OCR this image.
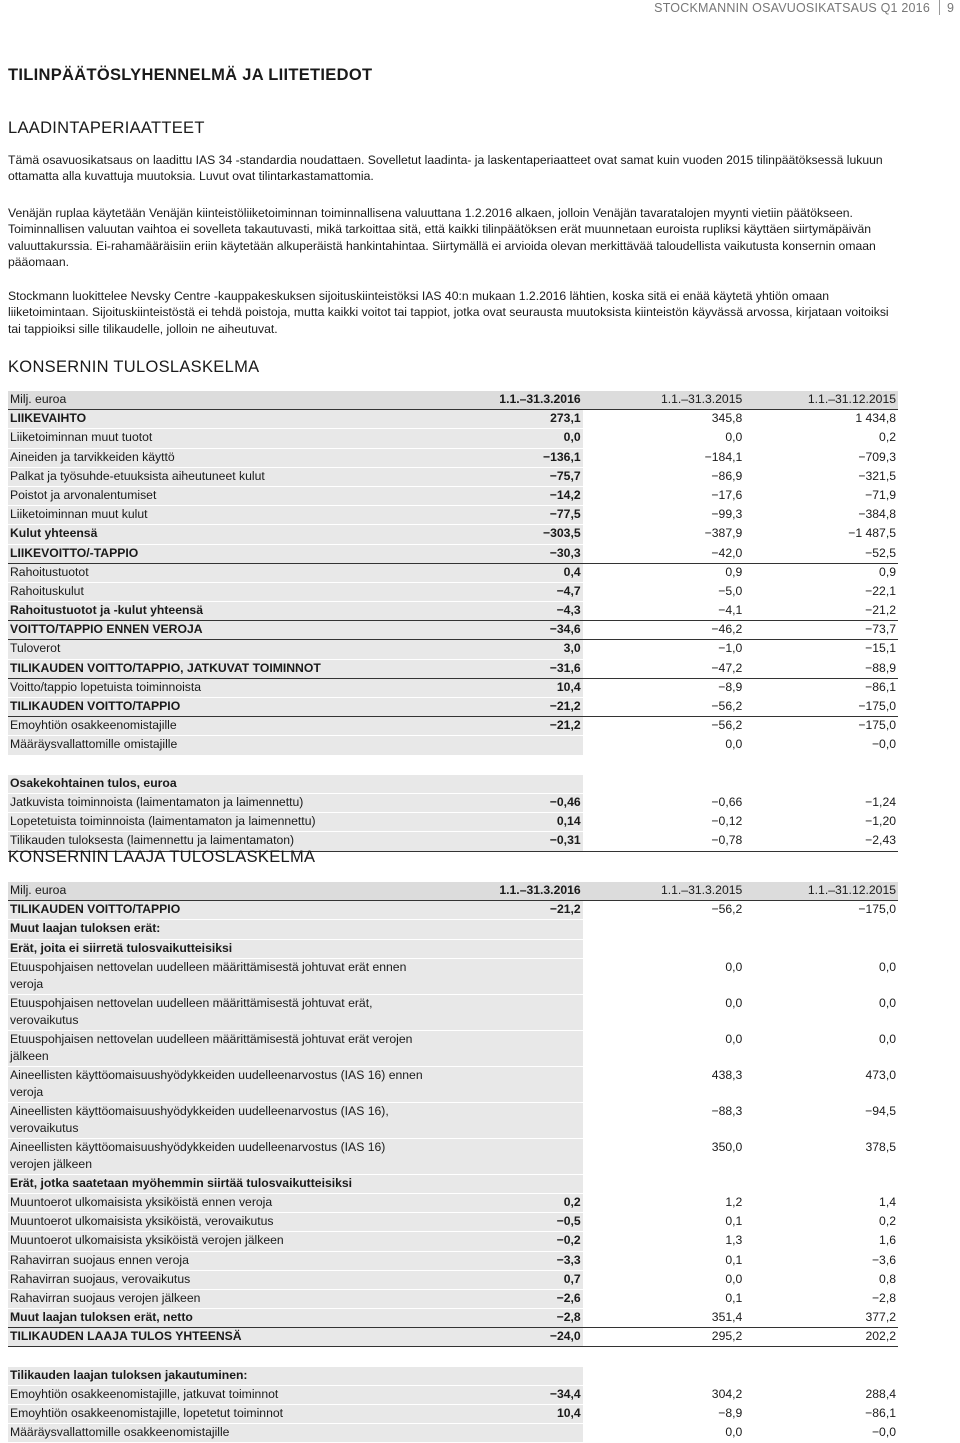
STOCKMANNIN OSAVUOSIKATSAUS Q1 2016 9
TILINPÄÄTÖSLYHENNELMÄ JA LIITETIEDOT
LAADINTAPERIAATTEET

Tämä osavuosikatsaus on laadittu IAS 34 -standardia noudattaen. Sovelletut laadinta- ja laskentaperiaatteet ovat samat kuin vuoden 2015 tilinpäätöksessä lukuun ottamatta alla kuvattuja muutoksia. Luvut ovat tilintarkastamattomia.

Venäjän ruplaa käytetään Venäjän kiinteistöliiketoiminnan toiminnallisena valuuttana 1.2.2016 alkaen, jolloin Venäjän tavaratalojen myynti vietiin päätökseen. Toiminnallisen valuutan vaihtoa ei sovelleta takautuvasti, mikä tarkoittaa sitä, että kaikki tilinpäätöksen erät muunnetaan euroista rupliksi käyttäen siirtymäpäivän valuuttakurssia. Ei-rahamääräisiin eriin käytetään alkuperäistä hankintahintaa. Siirtymällä ei arvioida olevan merkittävää taloudellista vaikutusta konsernin omaan pääomaan.

Stockmann luokittelee Nevsky Centre -kauppakeskuksen sijoituskiinteistöksi IAS 40:n mukaan 1.2.2016 lähtien, koska sitä ei enää käytetä yhtiön omaan liiketoimintaan. Sijoituskiinteistöstä ei tehdä poistoja, mutta kaikki voitot tai tappiot, jotka ovat seurausta muutoksista kiinteistön käyvässä arvossa, kirjataan voitoiksi tai tappioiksi sille tilikaudelle, jolloin ne aiheutuvat.

KONSERNIN TULOSLASKELMA
Milj. euroa	1.1.–31.3.2016	1.1.–31.3.2015	1.1.–31.12.2015
LIIKEVAIHTO	273,1	345,8	1 434,8
Liiketoiminnan muut tuotot	0,0	0,0	0,2
Aineiden ja tarvikkeiden käyttö	−136,1	−184,1	−709,3
Palkat ja työsuhde-etuuksista aiheutuneet kulut	−75,7	−86,9	−321,5
Poistot ja arvonalentumiset	−14,2	−17,6	−71,9
Liiketoiminnan muut kulut	−77,5	−99,3	−384,8
Kulut yhteensä	−303,5	−387,9	−1 487,5
LIIKEVOITTO/-TAPPIO	−30,3	−42,0	−52,5
Rahoitustuotot	0,4	0,9	0,9
Rahoituskulut	−4,7	−5,0	−22,1
Rahoitustuotot ja -kulut yhteensä	−4,3	−4,1	−21,2
VOITTO/TAPPIO ENNEN VEROJA	−34,6	−46,2	−73,7
Tuloverot	3,0	−1,0	−15,1
TILIKAUDEN VOITTO/TAPPIO, JATKUVAT TOIMINNOT	−31,6	−47,2	−88,9
Voitto/tappio lopetuista toiminnoista	10,4	−8,9	−86,1
TILIKAUDEN VOITTO/TAPPIO	−21,2	−56,2	−175,0
Emoyhtiön osakkeenomistajille	−21,2	−56,2	−175,0
Määräysvallattomille omistajille		0,0	−0,0

Osakekohtainen tulos, euroa			
Jatkuvista toiminnoista (laimentamaton ja laimennettu)	−0,46	−0,66	−1,24
Lopetetuista toiminnoista (laimentamaton ja laimennettu)	0,14	−0,12	−1,20
Tilikauden tuloksesta (laimennettu ja laimentamaton)	−0,31	−0,78	−2,43
KONSERNIN LAAJA TULOSLASKELMA
Milj. euroa	1.1.–31.3.2016	1.1.–31.3.2015	1.1.–31.12.2015
TILIKAUDEN VOITTO/TAPPIO	−21,2	−56,2	−175,0
Muut laajan tuloksen erät:			
Erät, joita ei siirretä tulosvaikutteisiksi			
Etuuspohjaisen nettovelan uudelleen määrittämisestä johtuvat erät ennen veroja		0,0	0,0
Etuuspohjaisen nettovelan uudelleen määrittämisestä johtuvat erät, verovaikutus		0,0	0,0
Etuuspohjaisen nettovelan uudelleen määrittämisestä johtuvat erät verojen jälkeen		0,0	0,0
Aineellisten käyttöomaisuushyödykkeiden uudelleenarvostus (IAS 16) ennen veroja		438,3	473,0
Aineellisten käyttöomaisuushyödykkeiden uudelleenarvostus (IAS 16), verovaikutus		−88,3	−94,5
Aineellisten käyttöomaisuushyödykkeiden uudelleenarvostus (IAS 16) verojen jälkeen		350,0	378,5
Erät, jotka saatetaan myöhemmin siirtää tulosvaikutteisiksi			
Muuntoerot ulkomaisista yksiköistä ennen veroja	0,2	1,2	1,4
Muuntoerot ulkomaisista yksiköistä, verovaikutus	−0,5	0,1	0,2
Muuntoerot ulkomaisista yksiköistä verojen jälkeen	−0,2	1,3	1,6
Rahavirran suojaus ennen veroja	−3,3	0,1	−3,6
Rahavirran suojaus, verovaikutus	0,7	0,0	0,8
Rahavirran suojaus verojen jälkeen	−2,6	0,1	−2,8
Muut laajan tuloksen erät, netto	−2,8	351,4	377,2
TILIKAUDEN LAAJA TULOS YHTEENSÄ	−24,0	295,2	202,2

Tilikauden laajan tuloksen jakautuminen:			
Emoyhtiön osakkeenomistajille, jatkuvat toiminnot	−34,4	304,2	288,4
Emoyhtiön osakkeenomistajille, lopetetut toiminnot	10,4	−8,9	−86,1
Määräysvallattomille osakkeenomistajille		0,0	−0,0
